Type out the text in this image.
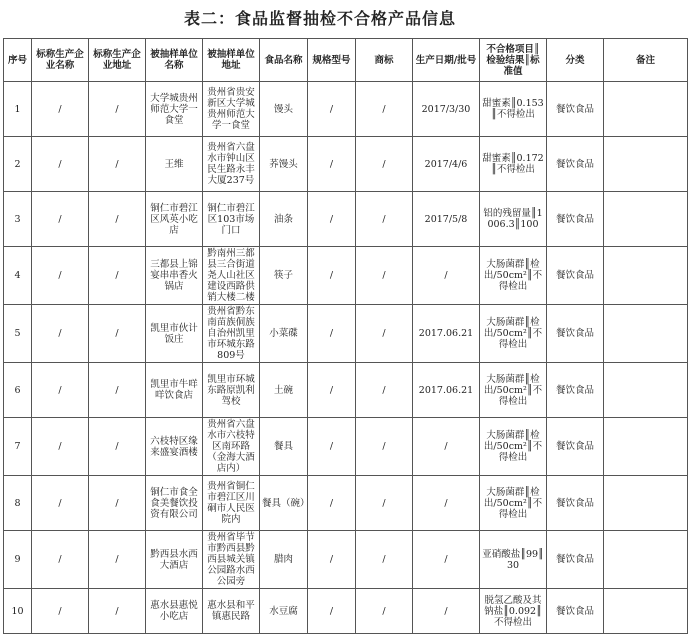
表二：食品监督抽检不合格产品信息
序号	标称生产企业名称	标称生产企业地址	被抽样单位名称	被抽样单位地址	食品名称	规格型号	商标	生产日期/批号	不合格项目║检验结果║标准值	分类	备注
1	/	/	大学城贵州师范大学一食堂	贵州省贵安新区大学城贵州师范大学一食堂	馒头	/	/	2017/3/30	甜蜜素║0.153║不得检出	餐饮食品	
2	/	/	王维	贵州省六盘水市钟山区民生路永丰大厦237号	荞馒头	/	/	2017/4/6	甜蜜素║0.172║不得检出	餐饮食品	
3	/	/	铜仁市碧江区风英小吃店	铜仁市碧江区103市场门口	油条	/	/	2017/5/8	铝的残留量║1006.3║100	餐饮食品	
4	/	/	三都县上锦宴串串香火锅店	黔南州三都县三合街道尧人山社区建设西路供销大楼二楼	筷子	/	/	/	大肠菌群║检出/50cm²║不得检出	餐饮食品	
5	/	/	凯里市伙计饭庄	贵州省黔东南苗族侗族自治州凯里市环城东路809号	小菜碟	/	/	2017.06.21	大肠菌群║检出/50cm²║不得检出	餐饮食品	
6	/	/	凯里市牛咩咩饮食店	凯里市环城东路原凯利驾校	土碗	/	/	2017.06.21	大肠菌群║检出/50cm²║不得检出	餐饮食品	
7	/	/	六枝特区缘来盛宴酒楼	贵州省六盘水市六枝特区南环路（金海大酒店内）	餐具	/	/	/	大肠菌群║检出/50cm²║不得检出	餐饮食品	
8	/	/	铜仁市食全食美餐饮投资有限公司	贵州省铜仁市碧江区川硐市人民医院内	餐具（碗）	/	/	/	大肠菌群║检出/50cm²║不得检出	餐饮食品	
9	/	/	黔西县水西大酒店	贵州省毕节市黔西县黔西县城关镇公园路水西公园旁	腊肉	/	/	/	亚硝酸盐║99║30	餐饮食品	
10	/	/	惠水县惠悦小吃店	惠水县和平镇惠民路	水豆腐	/	/	/	脱氢乙酸及其钠盐║0.092║不得检出	餐饮食品	
